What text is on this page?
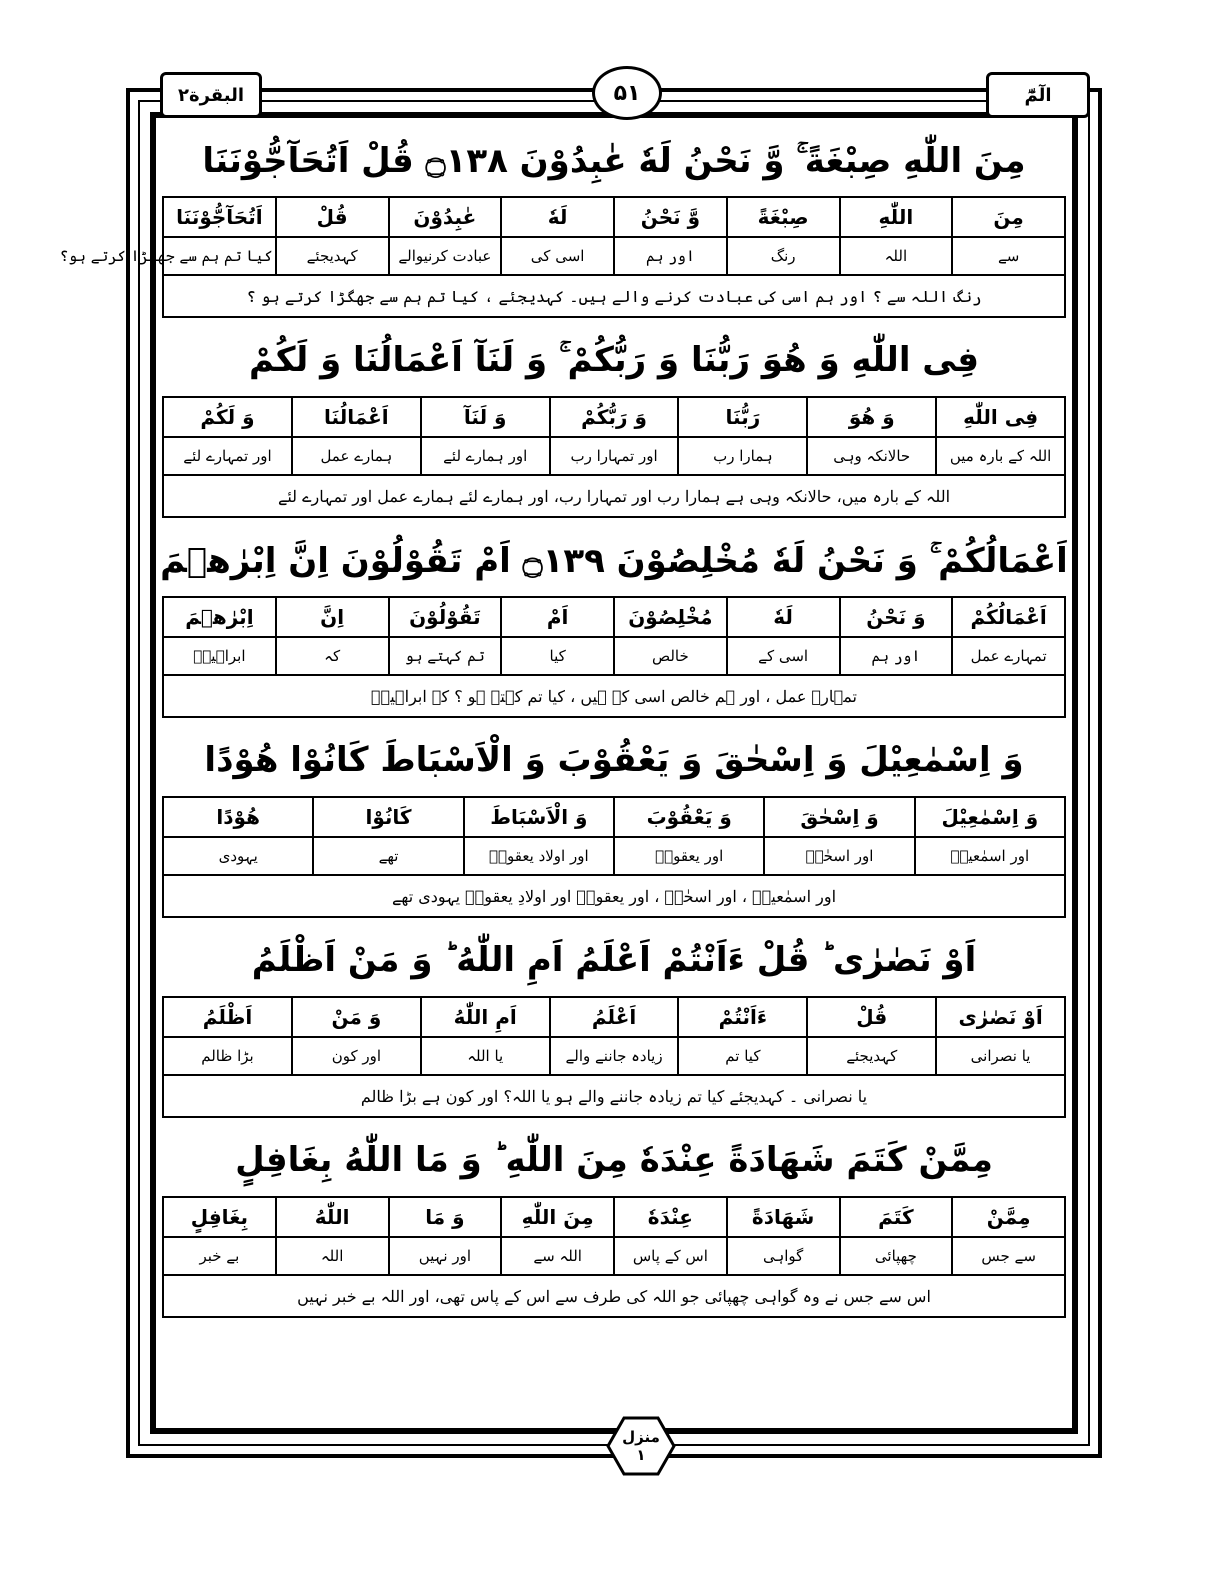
البقرة۲	۵۱	الٓمّٓ
مِنَ اللّٰهِ صِبْغَةً ۚ وَّ نَحْنُ لَهٗ عٰبِدُوْنَ ۝۱۳۸ قُلْ اَتُحَآجُّوْنَنَا
مِنَ	اللّٰهِ	صِبْغَةً	وَّ نَحْنُ	لَهٗ	عٰبِدُوْنَ	قُلْ	اَتُحَآجُّوْنَنَا
سے	اللہ	رنگ	اور ہم	اسی کی	عبادت کرنیوالے	کہدیجئے	کیا تم ہم سے جھگڑا کرتے ہو؟
رنگ اللہ سے ؟ اور ہم اسی کی عبادت کرنے والے ہیں۔ کہدیجئے ، کیا تم ہم سے جھگڑا کرتے ہو ؟
فِی اللّٰهِ وَ هُوَ رَبُّنَا وَ رَبُّكُمْ ۚ وَ لَنَآ اَعْمَالُنَا وَ لَكُمْ
فِی اللّٰهِ	وَ هُوَ	رَبُّنَا	وَ رَبُّكُمْ	وَ لَنَآ	اَعْمَالُنَا	وَ لَكُمْ
اللہ کے بارہ میں	حالانکہ وہی	ہمارا رب	اور تمہارا رب	اور ہمارے لئے	ہمارے عمل	اور تمہارے لئے
اللہ کے بارہ میں، حالانکہ وہی ہے ہمارا رب اور تمہارا رب، اور ہمارے لئے ہمارے عمل اور تمہارے لئے
اَعْمَالُكُمْ ۚ وَ نَحْنُ لَهٗ مُخْلِصُوْنَ ۝۱۳۹ اَمْ تَقُوْلُوْنَ اِنَّ اِبْرٰهٖمَ
اَعْمَالُكُمْ	وَ نَحْنُ	لَهٗ	مُخْلِصُوْنَ	اَمْ	تَقُوْلُوْنَ	اِنَّ	اِبْرٰهٖمَ
تمہارے عمل	اور ہم	اسی کے	خالص	کیا	تم کہتے ہو	کہ	ابراہیمؑ
تمہارے عمل ، اور ہم خالص اسی کے ہیں ، کیا تم کہتے ہو ؟ کہ ابراہیمؑ
وَ اِسْمٰعِیْلَ وَ اِسْحٰقَ وَ یَعْقُوْبَ وَ الْاَسْبَاطَ كَانُوْا هُوْدًا
وَ اِسْمٰعِیْلَ	وَ اِسْحٰقَ	وَ یَعْقُوْبَ	وَ الْاَسْبَاطَ	كَانُوْا	هُوْدًا
اور اسمٰعیلؑ	اور اسحٰقؑ	اور یعقوبؑ	اور اولاد یعقوبؑ	تھے	یہودی
اور اسمٰعیلؑ ، اور اسحٰقؑ ، اور یعقوبؑ اور اولادِ یعقوبؑ یہودی تھے
اَوْ نَصٰرٰی ؕ قُلْ ءَاَنْتُمْ اَعْلَمُ اَمِ اللّٰهُ ؕ وَ مَنْ اَظْلَمُ
اَوْ نَصٰرٰی	قُلْ	ءَاَنْتُمْ	اَعْلَمُ	اَمِ اللّٰهُ	وَ مَنْ	اَظْلَمُ
یا نصرانی	کہدیجئے	کیا تم	زیادہ جاننے والے	یا اللہ	اور کون	بڑا ظالم
یا نصرانی ۔ کہدیجئے کیا تم زیادہ جاننے والے ہو یا اللہ؟ اور کون ہے بڑا ظالم
مِمَّنْ كَتَمَ شَهَادَةً عِنْدَهٗ مِنَ اللّٰهِ ؕ وَ مَا اللّٰهُ بِغَافِلٍ
مِمَّنْ	كَتَمَ	شَهَادَةً	عِنْدَهٗ	مِنَ اللّٰهِ	وَ مَا	اللّٰهُ	بِغَافِلٍ
سے جس	چھپائی	گواہی	اس کے پاس	اللہ سے	اور نہیں	اللہ	بے خبر
اس سے جس نے وہ گواہی چھپائی جو اللہ کی طرف سے اس کے پاس تھی، اور اللہ بے خبر نہیں
منزل
۱
